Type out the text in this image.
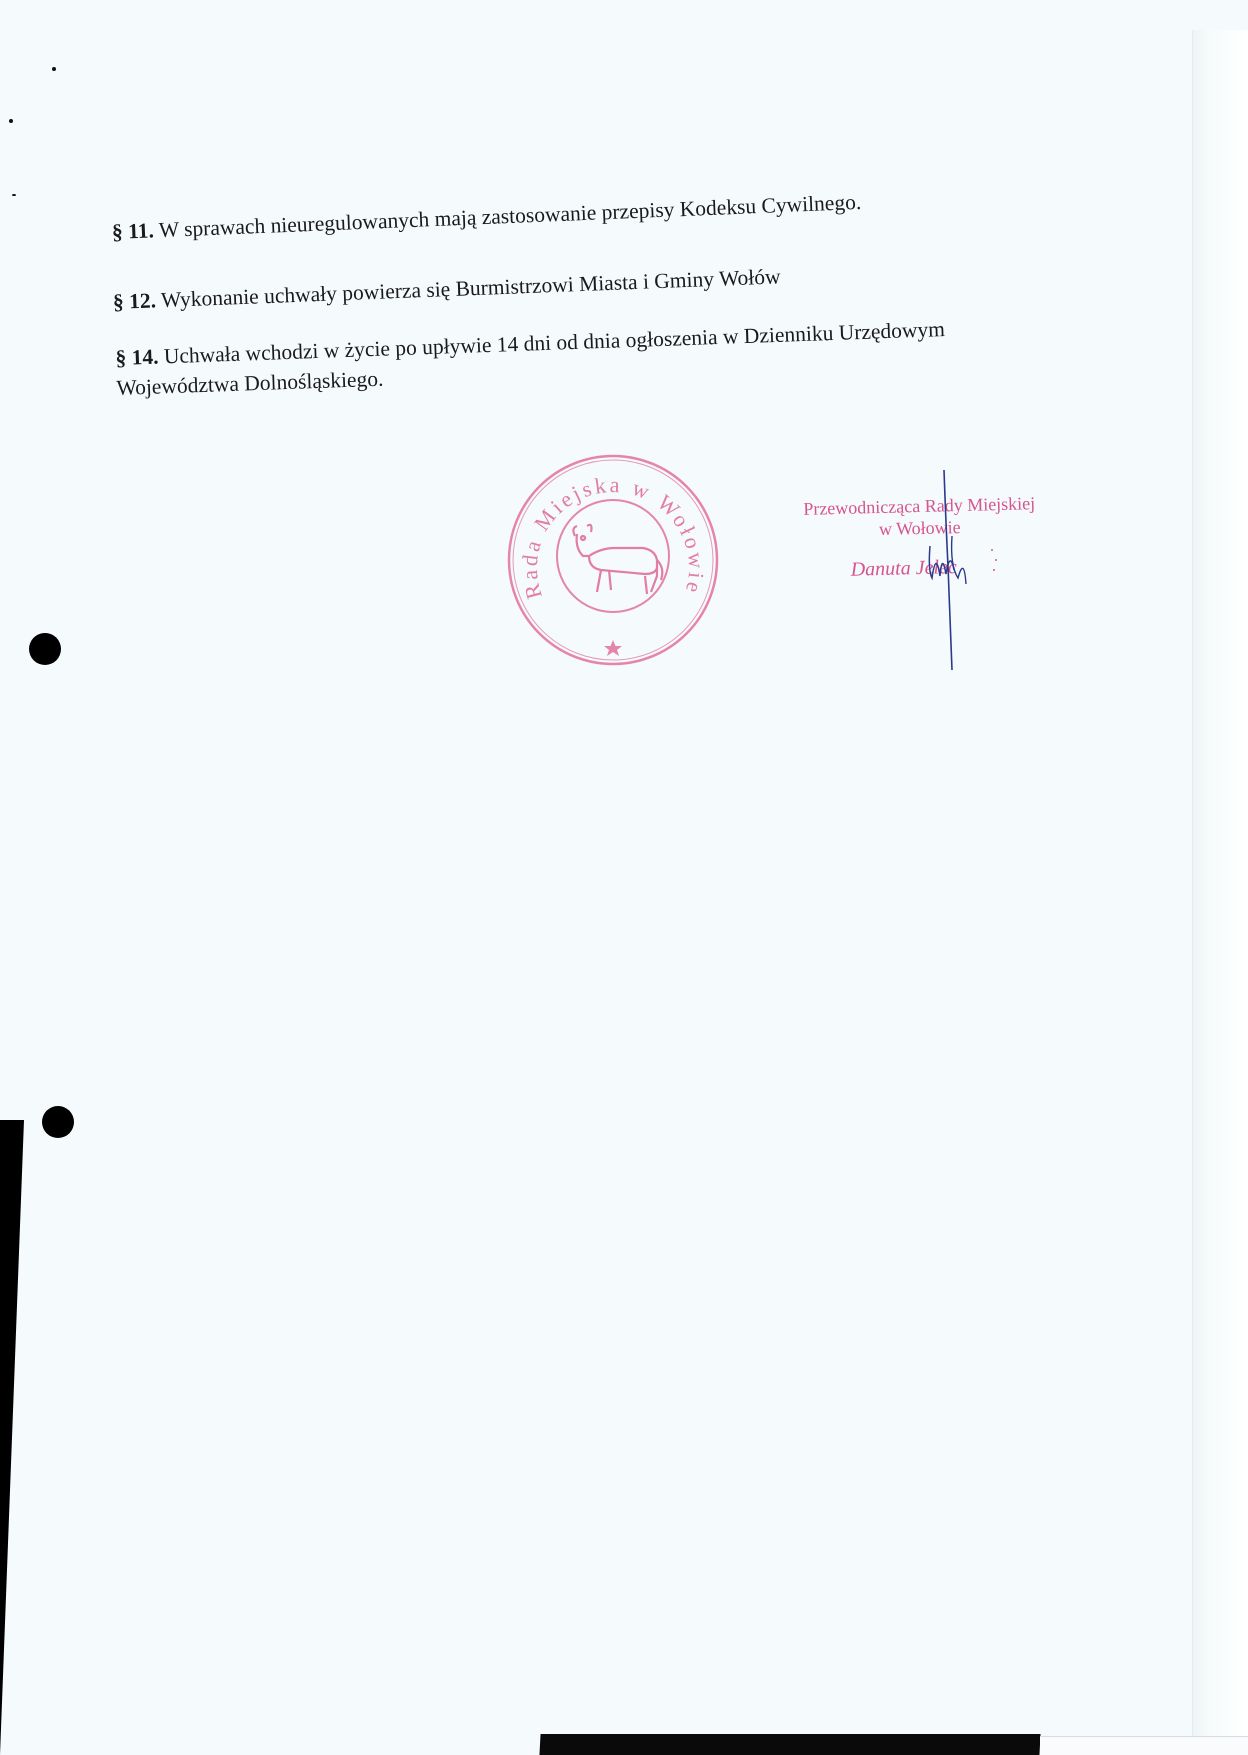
§ 11. W sprawach nieuregulowanych mają zastosowanie przepisy Kodeksu Cywilnego.
§ 12. Wykonanie uchwały powierza się Burmistrzowi Miasta i Gminy Wołów
§ 14. Uchwała wchodzi w życie po upływie 14 dni od dnia ogłoszenia w Dzienniku Urzędowym
Województwa Dolnośląskiego.
Rada Miejska w Wołowie
Przewodnicząca Rady Miejskiej
w Wołowie
Danuta Jelec
